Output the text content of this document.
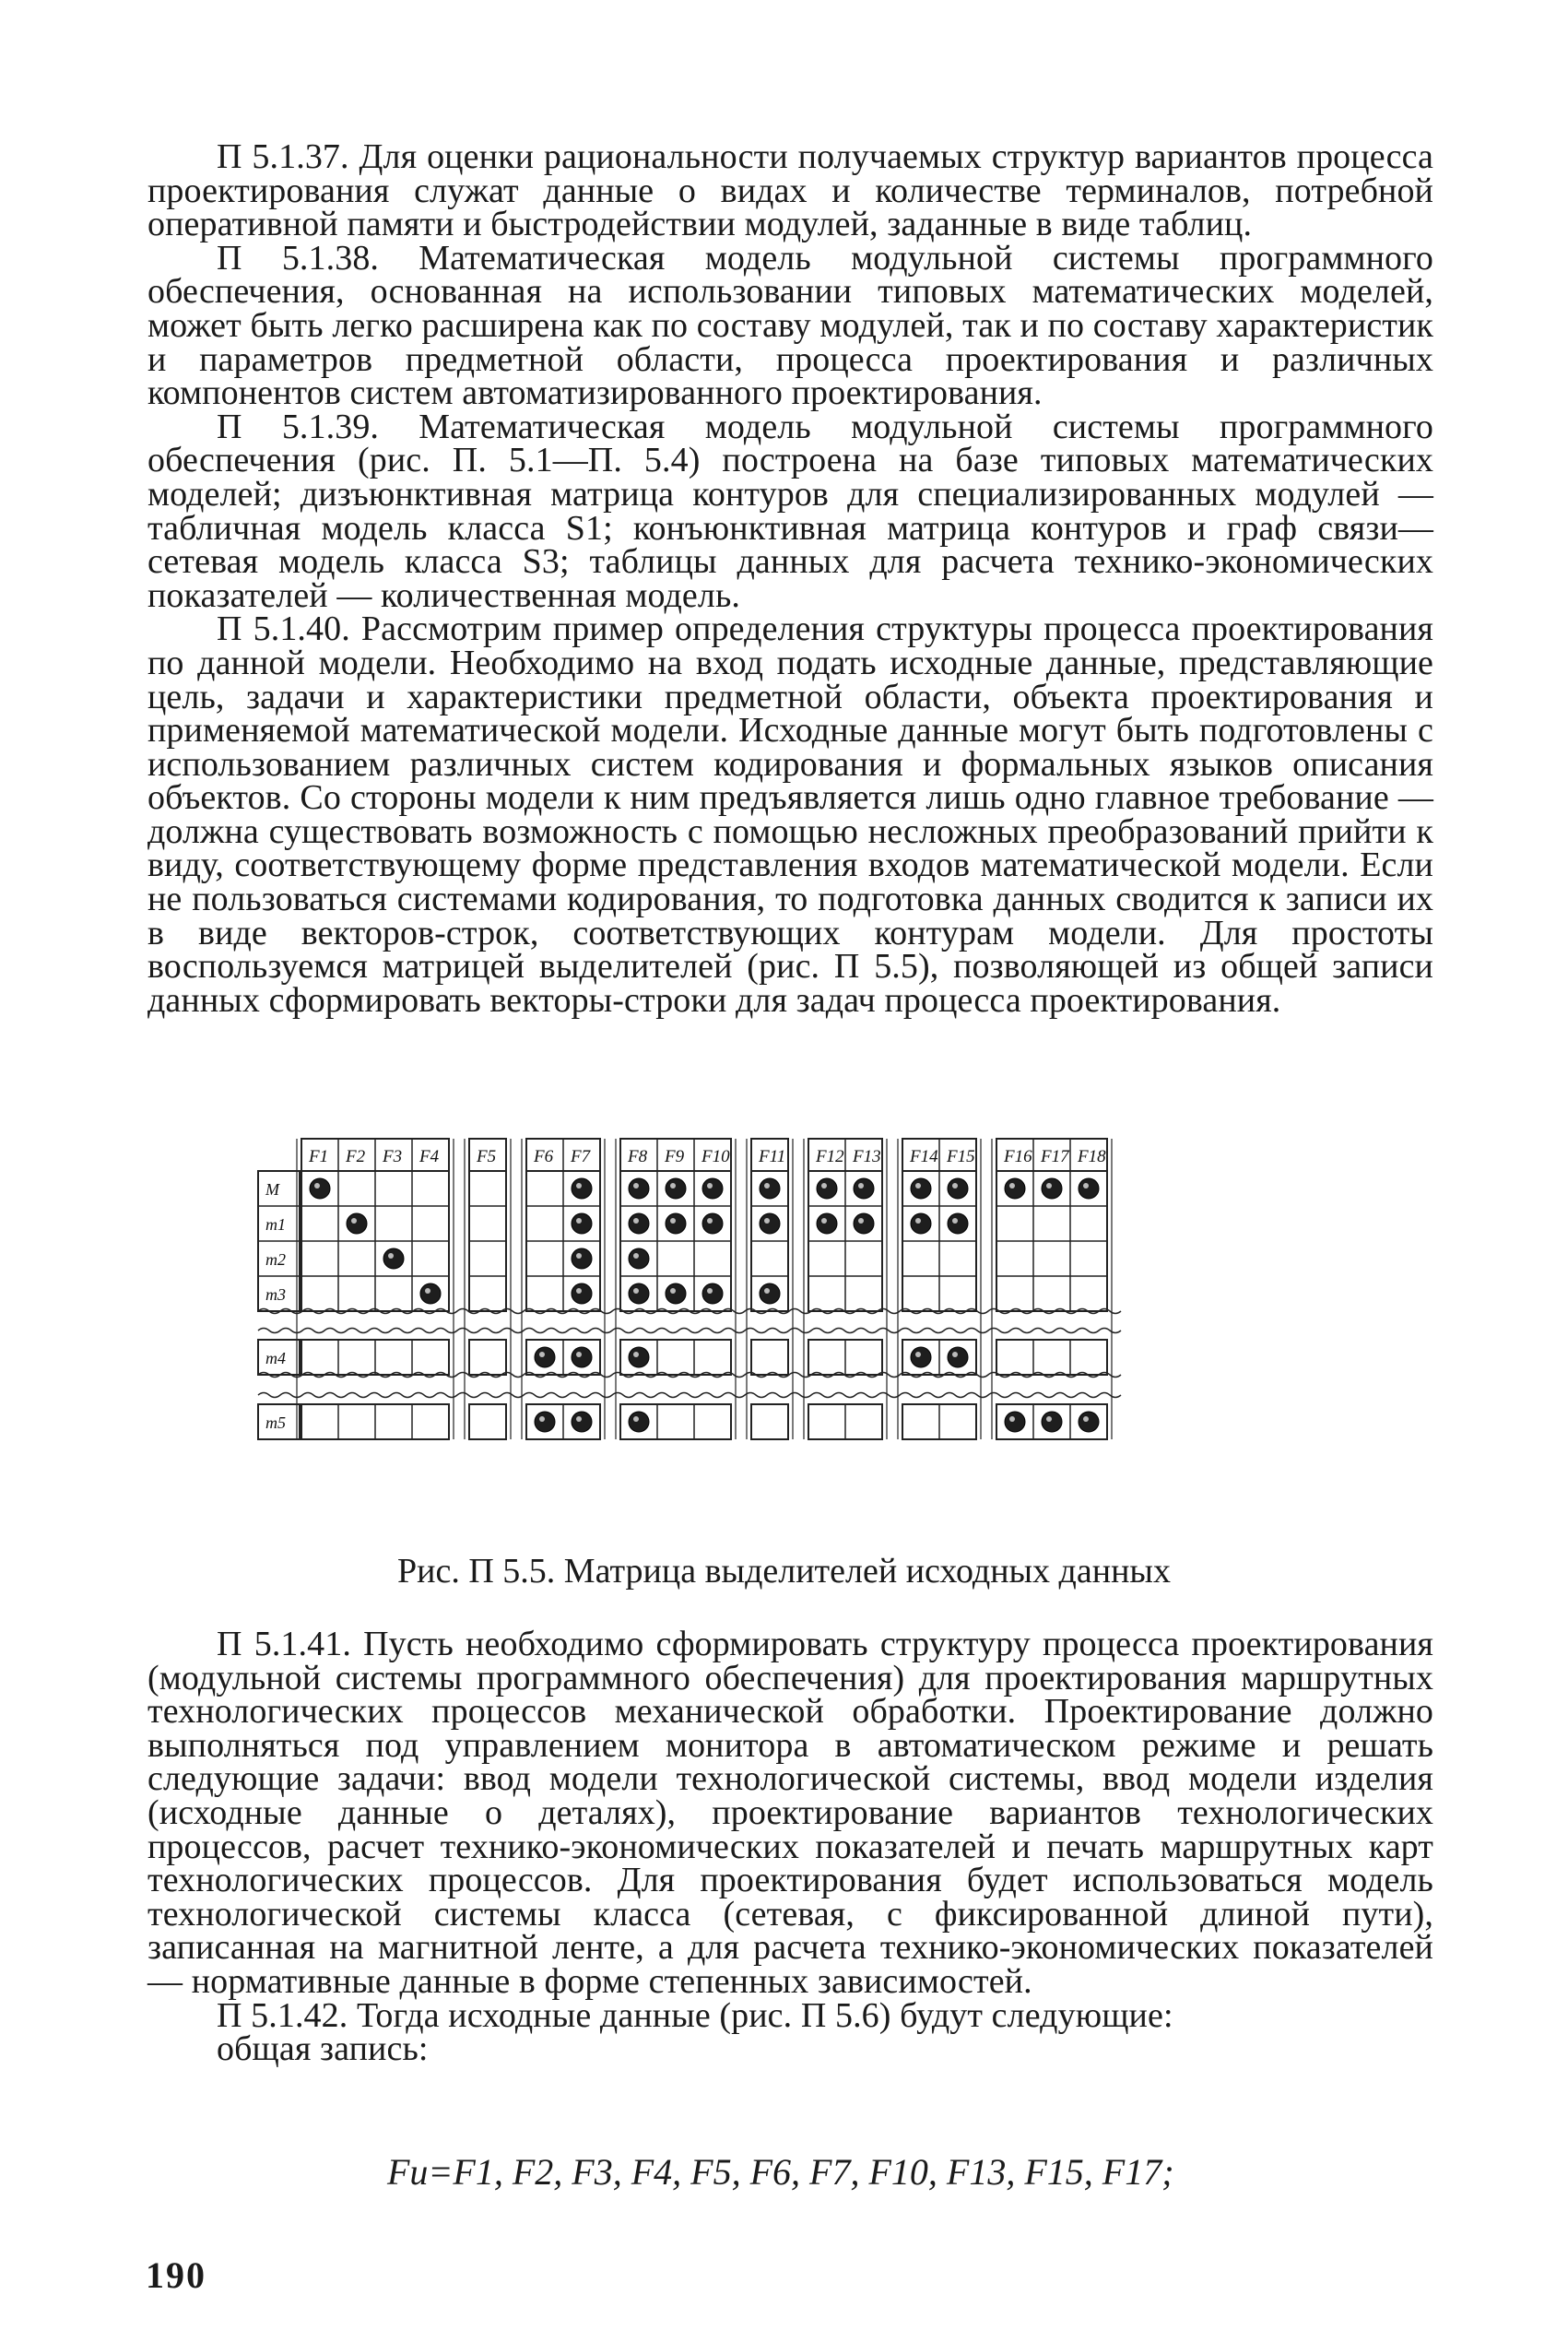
П 5.1.37. Для оценки рациональности получаемых структур вариантов процесса проектирования служат данные о видах и количестве терминалов, потребной оперативной памяти и быстродействии модулей, заданные в виде таблиц.

П 5.1.38. Математическая модель модульной системы программного обеспечения, основанная на использовании типовых математических моделей, может быть легко расширена как по составу модулей, так и по составу характеристик и параметров предметной области, процесса проектирования и различных компонентов систем автоматизированного проектирования.

П 5.1.39. Математическая модель модульной системы программного обеспечения (рис. П. 5.1—П. 5.4) построена на базе типовых математических моделей; дизъюнктивная матрица контуров для специализированных модулей — табличная модель класса S1; конъюнктивная матрица контуров и граф связи— сетевая модель класса S3; таблицы данных для расчета технико-экономических показателей — количественная модель.

П 5.1.40. Рассмотрим пример определения структуры процесса проектирования по данной модели. Необходимо на вход подать исходные данные, представляющие цель, задачи и характеристики предметной области, объекта проектирования и применяемой математической модели. Исходные данные могут быть подготовлены с использованием различных систем кодирования и формальных языков описания объектов. Со стороны модели к ним предъявляется лишь одно главное требование — должна существовать возможность с помощью несложных преобразований прийти к виду, соответствующему форме представления входов математической модели. Если не пользоваться системами кодирования, то подготовка данных сводится к записи их в виде векторов-строк, соответствующих контурам модели. Для простоты воспользуемся матрицей выделителей (рис. П 5.5), позволяющей из общей записи данных сформировать векторы-строки для задач процесса проектирования.

M
m1
m2
m3
m4
m5
F1 F2 F3 F4 F5 F6 F7 F8 F9 F10 F11 F12 F13 F14 F15 F16 F17 F18
Рис. П 5.5. Матрица выделителей исходных данных

П 5.1.41. Пусть необходимо сформировать структуру процесса проектирования (модульной системы программного обеспечения) для проектирования маршрутных технологических процессов механической обработки. Проектирование должно выполняться под управлением монитора в автоматическом режиме и решать следующие задачи: ввод модели технологической системы, ввод модели изделия (исходные данные о деталях), проектирование вариантов технологических процессов, расчет технико-экономических показателей и печать маршрутных карт технологических процессов. Для проектирования будет использоваться модель технологической системы класса (сетевая, с фиксированной длиной пути), записанная на магнитной ленте, а для расчета технико-экономических показателей — нормативные данные в форме степенных зависимостей.

П 5.1.42. Тогда исходные данные (рис. П 5.6) будут следующие:

общая запись:

Fи=F1, F2, F3, F4, F5, F6, F7, F10, F13, F15, F17;
190
